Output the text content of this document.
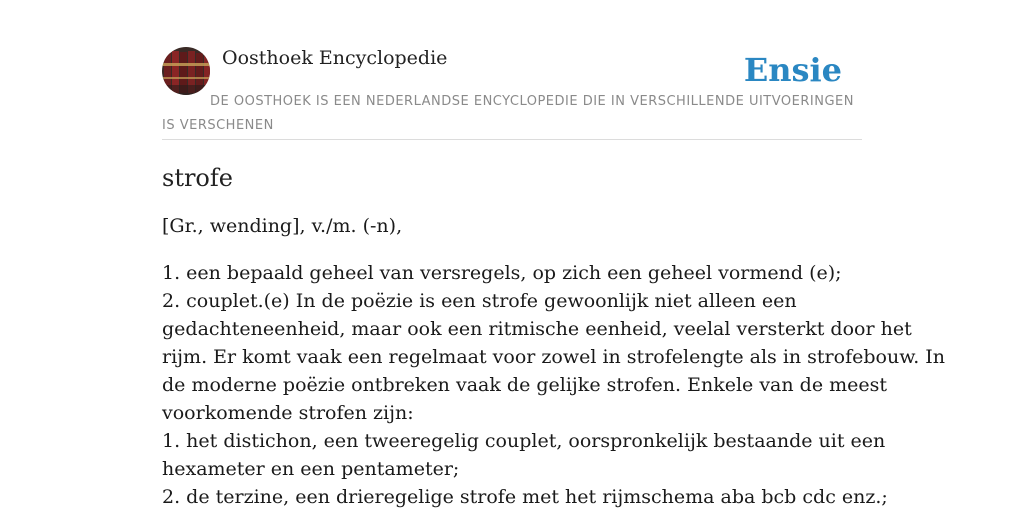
Oosthoek Encyclopedie	Ensie
DE OOSTHOEK IS EEN NEDERLANDSE ENCYCLOPEDIE DIE IN VERSCHILLENDE UITVOERINGEN IS VERSCHENEN
strofe

[Gr., wending], v./m. (-n),

1. een bepaald geheel van versregels, op zich een geheel vormend (e);
2. couplet.(e) In de poëzie is een strofe gewoonlijk niet alleen een
gedachteneenheid, maar ook een ritmische eenheid, veelal versterkt door het
rijm. Er komt vaak een regelmaat voor zowel in strofelengte als in strofebouw. In
de moderne poëzie ontbreken vaak de gelijke strofen. Enkele van de meest
voorkomende strofen zijn:
1. het distichon, een tweeregelig couplet, oorspronkelijk bestaande uit een
hexameter en een pentameter;
2. de terzine, een drieregelige strofe met het rijmschema aba bcb cdc enz.;
